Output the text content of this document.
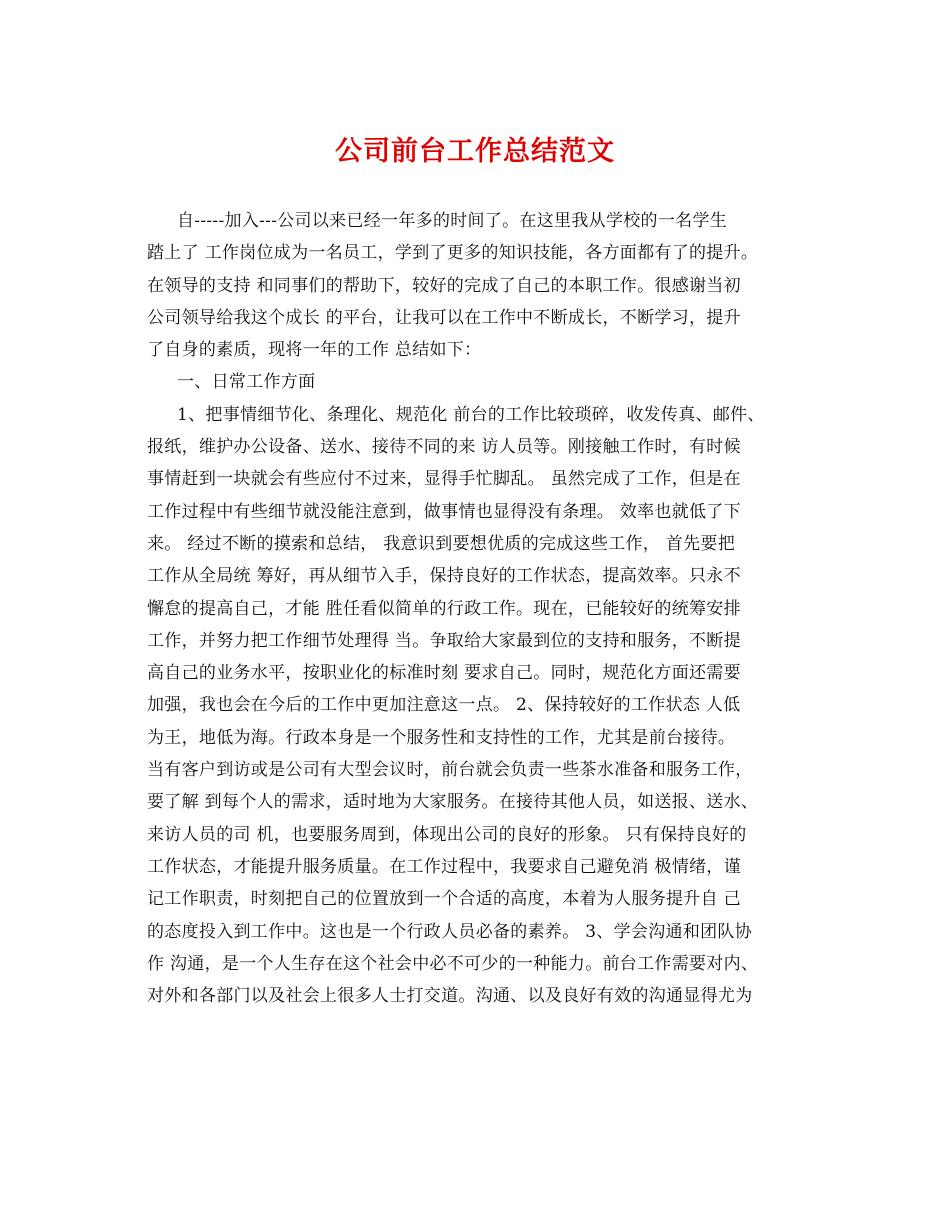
公司前台工作总结范文
自-----加入---公司以来已经一年多的时间了。在这里我从学校的一名学生
踏上了 工作岗位成为一名员工，学到了更多的知识技能，各方面都有了的提升。
在领导的支持 和同事们的帮助下，较好的完成了自己的本职工作。很感谢当初
公司领导给我这个成长 的平台，让我可以在工作中不断成长，不断学习，提升
了自身的素质，现将一年的工作 总结如下：
一、日常工作方面
1、把事情细节化、条理化、规范化 前台的工作比较琐碎，收发传真、邮件、
报纸，维护办公设备、送水、接待不同的来 访人员等。刚接触工作时，有时候
事情赶到一块就会有些应付不过来，显得手忙脚乱。 虽然完成了工作，但是在
工作过程中有些细节就没能注意到，做事情也显得没有条理。 效率也就低了下
来。 经过不断的摸索和总结， 我意识到要想优质的完成这些工作， 首先要把
工作从全局统 筹好，再从细节入手，保持良好的工作状态，提高效率。只永不
懈怠的提高自己，才能 胜任看似简单的行政工作。现在，已能较好的统筹安排
工作，并努力把工作细节处理得 当。争取给大家最到位的支持和服务，不断提
高自己的业务水平，按职业化的标准时刻 要求自己。同时，规范化方面还需要
加强，我也会在今后的工作中更加注意这一点。 2、保持较好的工作状态 人低
为王，地低为海。行政本身是一个服务性和支持性的工作，尤其是前台接待。
当有客户到访或是公司有大型会议时，前台就会负责一些茶水准备和服务工作，
要了解 到每个人的需求，适时地为大家服务。在接待其他人员，如送报、送水、
来访人员的司 机，也要服务周到，体现出公司的良好的形象。 只有保持良好的
工作状态，才能提升服务质量。在工作过程中，我要求自己避免消 极情绪，谨
记工作职责，时刻把自己的位置放到一个合适的高度，本着为人服务提升自 己
的态度投入到工作中。这也是一个行政人员必备的素养。 3、学会沟通和团队协
作 沟通，是一个人生存在这个社会中必不可少的一种能力。前台工作需要对内、
对外和各部门以及社会上很多人士打交道。沟通、以及良好有效的沟通显得尤为
